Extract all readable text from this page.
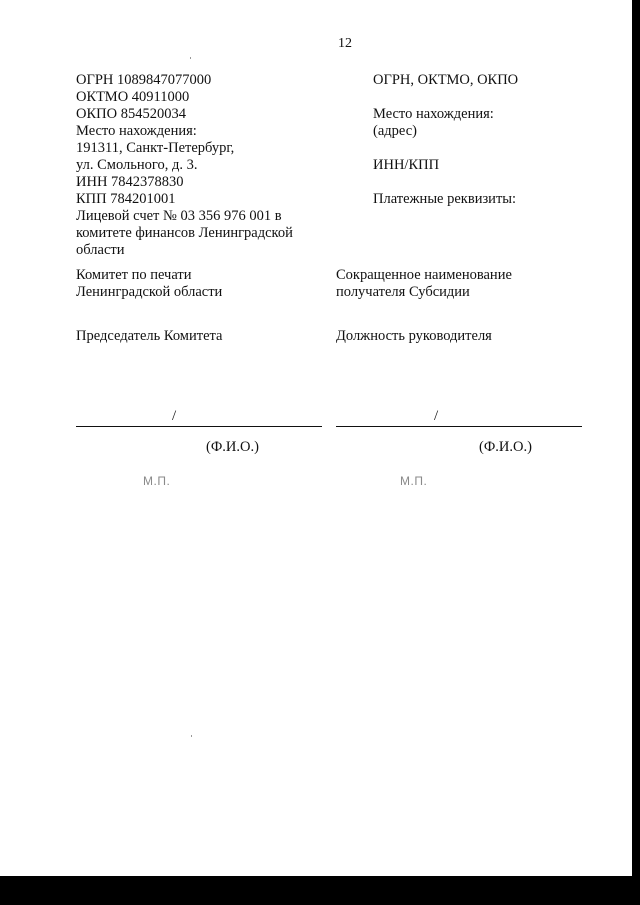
12
ОГРН 1089847077000
ОКТМО 40911000
ОКПО 854520034
Место нахождения:
191311, Санкт-Петербург,
ул. Смольного, д. 3.
ИНН 7842378830
КПП 784201001
Лицевой счет № 03 356 976 001 в
комитете финансов Ленинградской
области
ОГРН, ОКТМО, ОКПО
Место нахождения:
(адрес)
ИНН/КПП
Платежные реквизиты:
Комитет по печати
Ленинградской области
Сокращенное наименование
получателя Субсидии
Председатель Комитета	Должность руководителя
/
(Ф.И.О.)
М.П.
/
(Ф.И.О.)
М.П.
